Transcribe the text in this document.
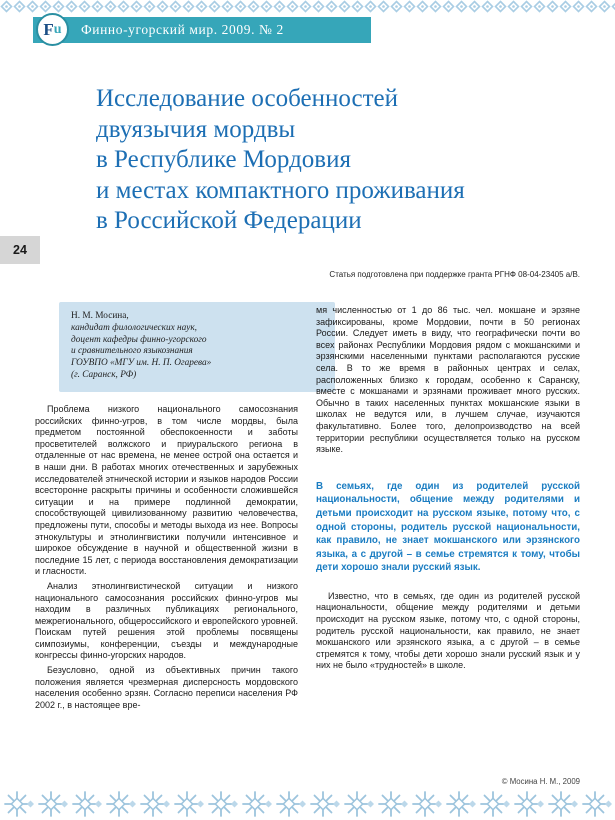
F u Финно-угорский мир. 2009. № 2
24
Исследование особенностей
двуязычия мордвы
в Республике Мордовия
и местах компактного проживания
в Российской Федерации
Статья подготовлена при поддержке гранта РГНФ 08-04-23405 а/В.
Н. М. Мосина,
кандидат филологических наук,
доцент кафедры финно-угорского
и сравнительного языкознания
ГОУВПО «МГУ им. Н. П. Огарева»
(г. Саранск, РФ)

Проблема низкого национального самосознания российских финно-угров, в том числе мордвы, была предметом постоянной обеспокоенности и заботы просветителей волжского и приуральского региона в отдаленные от нас времена, не менее острой она остается и в наши дни. В работах многих отечественных и зарубежных исследователей этнической истории и языков народов России всесторонне раскрыты причины и особенности сложившейся ситуации и на примере подлинной демократии, способствующей цивилизованному развитию человечества, предложены пути, способы и методы выхода из нее. Вопросы этнокультуры и этнолингвистики получили интенсивное и широкое обсуждение в научной и общественной жизни в последние 15 лет, с периода восстановления демократизации и гласности.

Анализ этнолингвистической ситуации и низкого национального самосознания российских финно-угров мы находим в различных публикациях регионального, межрегионального, общероссийского и европейского уровней. Поискам путей решения этой проблемы посвящены симпозиумы, конференции, съезды и международные конгрессы финно-угорских народов.

Безусловно, одной из объективных причин такого положения является чрезмерная дисперсность мордовского населения особенно эрзян. Согласно переписи населения РФ 2002 г., в настоящее вре-

мя численностью от 1 до 86 тыс. чел. мокшане и эрзяне зафиксированы, кроме Мордовии, почти в 50 регионах России. Следует иметь в виду, что географически почти во всех районах Республики Мордовия рядом с мокшанскими и эрзянскими населенными пунктами располагаются русские села. В то же время в районных центрах и селах, расположенных близко к городам, особенно к Саранску, вместе с мокшанами и эрзянами проживает много русских. Обычно в таких населенных пунктах мокшанские языки в школах не ведутся или, в лучшем случае, изучаются факультативно. Более того, делопроизводство на всей территории республики осуществляется только на русском языке.

В семьях, где один из родителей русской национальности, общение между родителями и детьми происходит на русском языке, потому что, с одной стороны, родитель русской национальности, как правило, не знает мокшанского или эрзянского языка, а с другой – в семье стремятся к тому, чтобы дети хорошо знали русский язык.

Известно, что в семьях, где один из родителей русской национальности, общение между родителями и детьми происходит на русском языке, потому что, с одной стороны, родитель русской национальности, как правило, не знает мокшанского или эрзянского языка, а с другой – в семье стремятся к тому, чтобы дети хорошо знали русский язык и у них не было «трудностей» в школе.

© Мосина Н. М., 2009
